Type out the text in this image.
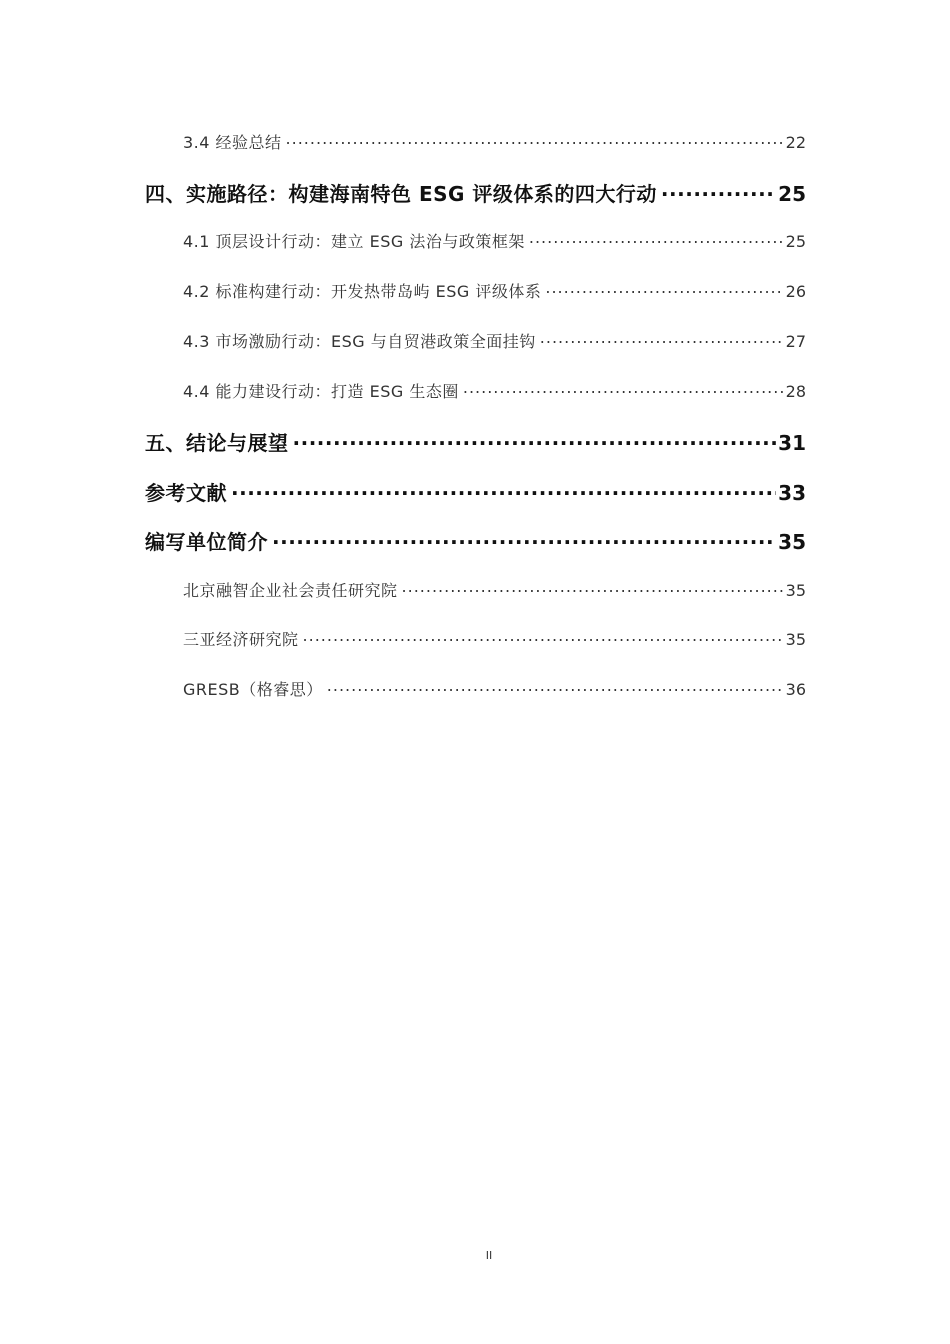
3.4 经验总结 .....	22
四、实施路径：构建海南特色 ESG 评级体系的四大行动 .....	25
4.1 顶层设计行动：建立 ESG 法治与政策框架 .....	25
4.2 标准构建行动：开发热带岛屿 ESG 评级体系 .....	26
4.3 市场激励行动：ESG 与自贸港政策全面挂钩 .....	27
4.4 能力建设行动：打造 ESG 生态圈 .....	28
五、结论与展望 .....	31
参考文献 .....	33
编写单位简介 .....	35
北京融智企业社会责任研究院 .....	35
三亚经济研究院 .....	35
GRESB（格睿思） .....	36
II
